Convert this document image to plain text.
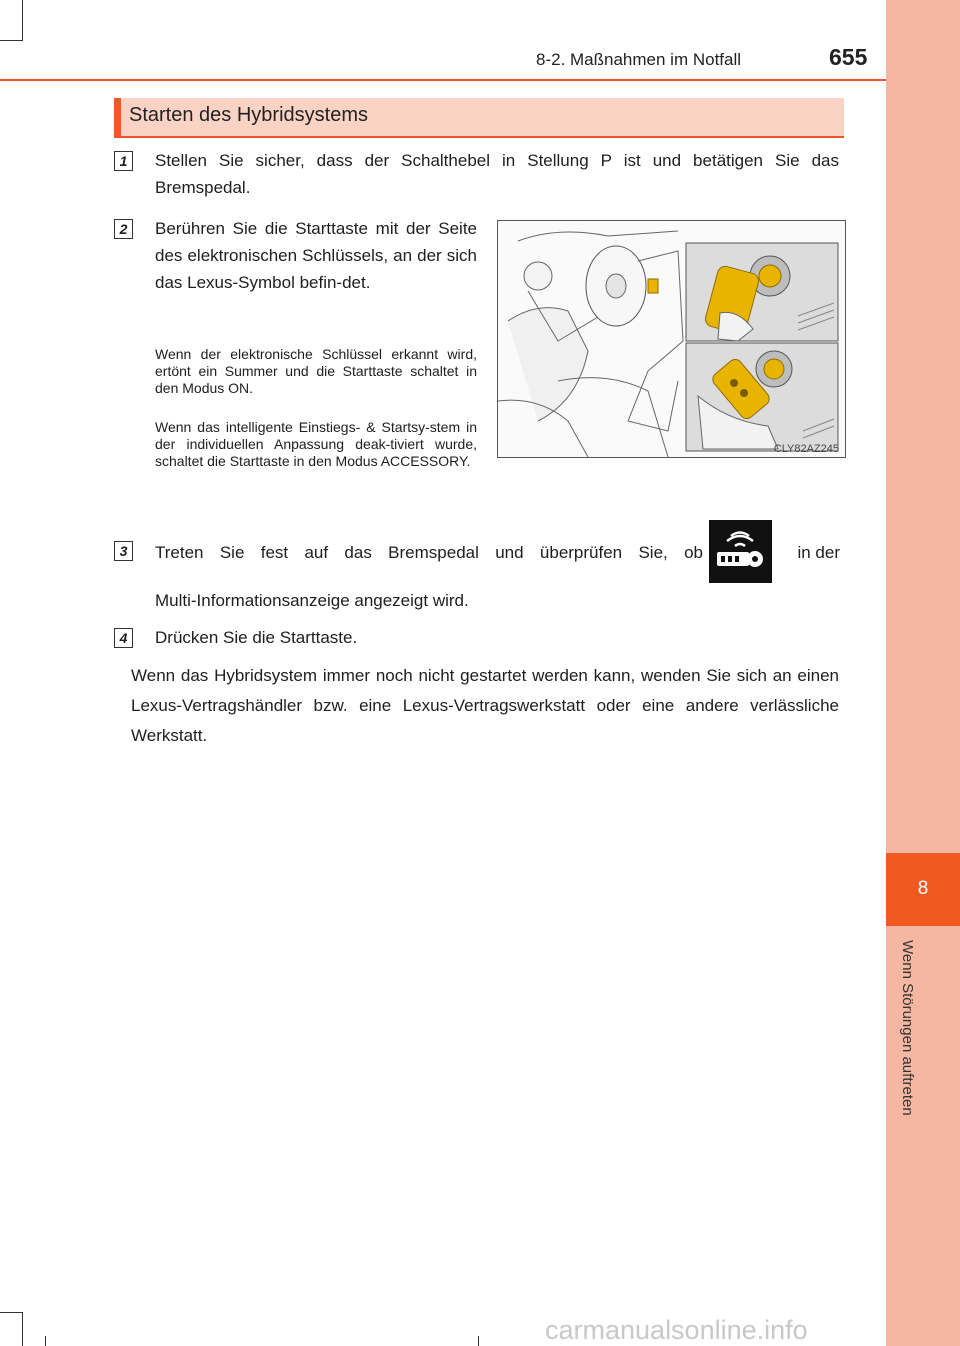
8
Wenn Störungen auftreten
8-2. Maßnahmen im Notfall	655
Starten des Hybridsystems
1	Stellen Sie sicher, dass der Schalthebel in Stellung P ist und betätigen Sie das Bremspedal.
2	Berühren Sie die Starttaste mit der Seite des elektronischen Schlüssels, an der sich das Lexus-Symbol befin-det.
Wenn der elektronische Schlüssel erkannt wird, ertönt ein Summer und die Starttaste schaltet in den Modus ON.
Wenn das intelligente Einstiegs- & Startsy-stem in der individuellen Anpassung deak-tiviert wurde, schaltet die Starttaste in den Modus ACCESSORY.
CLY82AZ245
3	Treten Sie fest auf das Bremspedal und überprüfen Sie, ob	in der
Multi-Informationsanzeige angezeigt wird.
4	Drücken Sie die Starttaste.
Wenn das Hybridsystem immer noch nicht gestartet werden kann, wenden Sie sich an einen Lexus-Vertragshändler bzw. eine Lexus-Vertragswerkstatt oder eine andere verlässliche Werkstatt.
carmanualsonline.info
